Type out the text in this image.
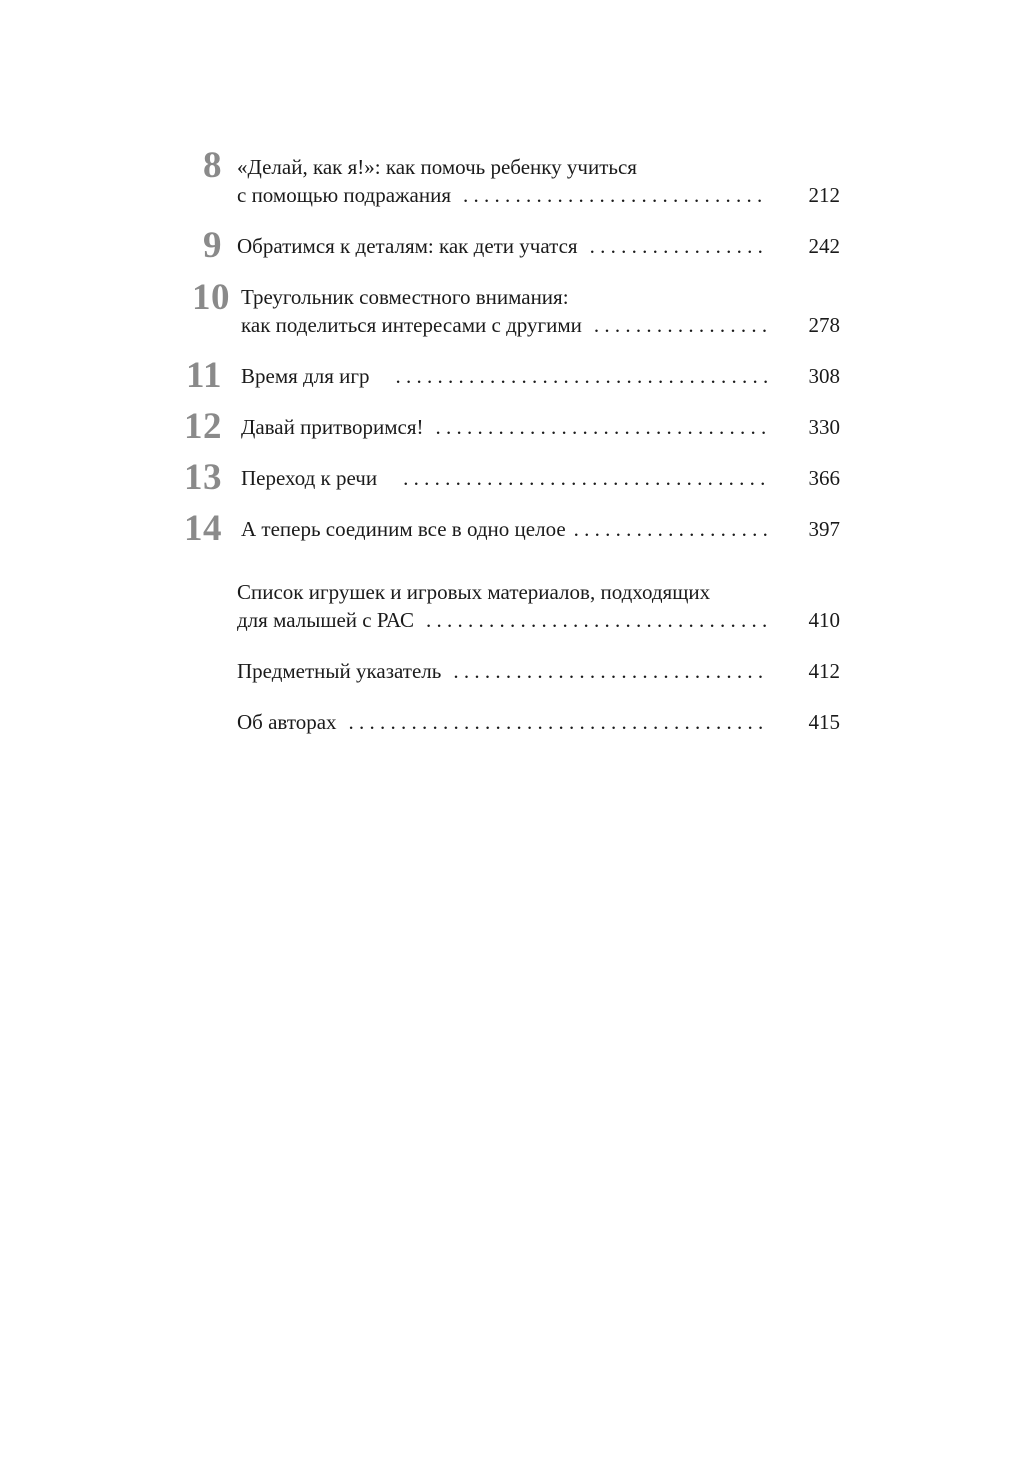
8 «Делай, как я!»: как помочь ребенку учиться
с помощью подражания . . .	212
9 Обратимся к деталям: как дети учатся . . .	242
10 Треугольник совместного внимания:
как поделиться интересами с другими . . .	278
11 Время для игр . . .	308
12 Давай притворимся! . . .	330
13 Переход к речи . . .	366
14 А теперь соединим все в одно целое . . .	397
Список игрушек и игровых материалов, подходящих
для малышей с РАС . . .	410
Предметный указатель . . .	412
Об авторах . . .	415
